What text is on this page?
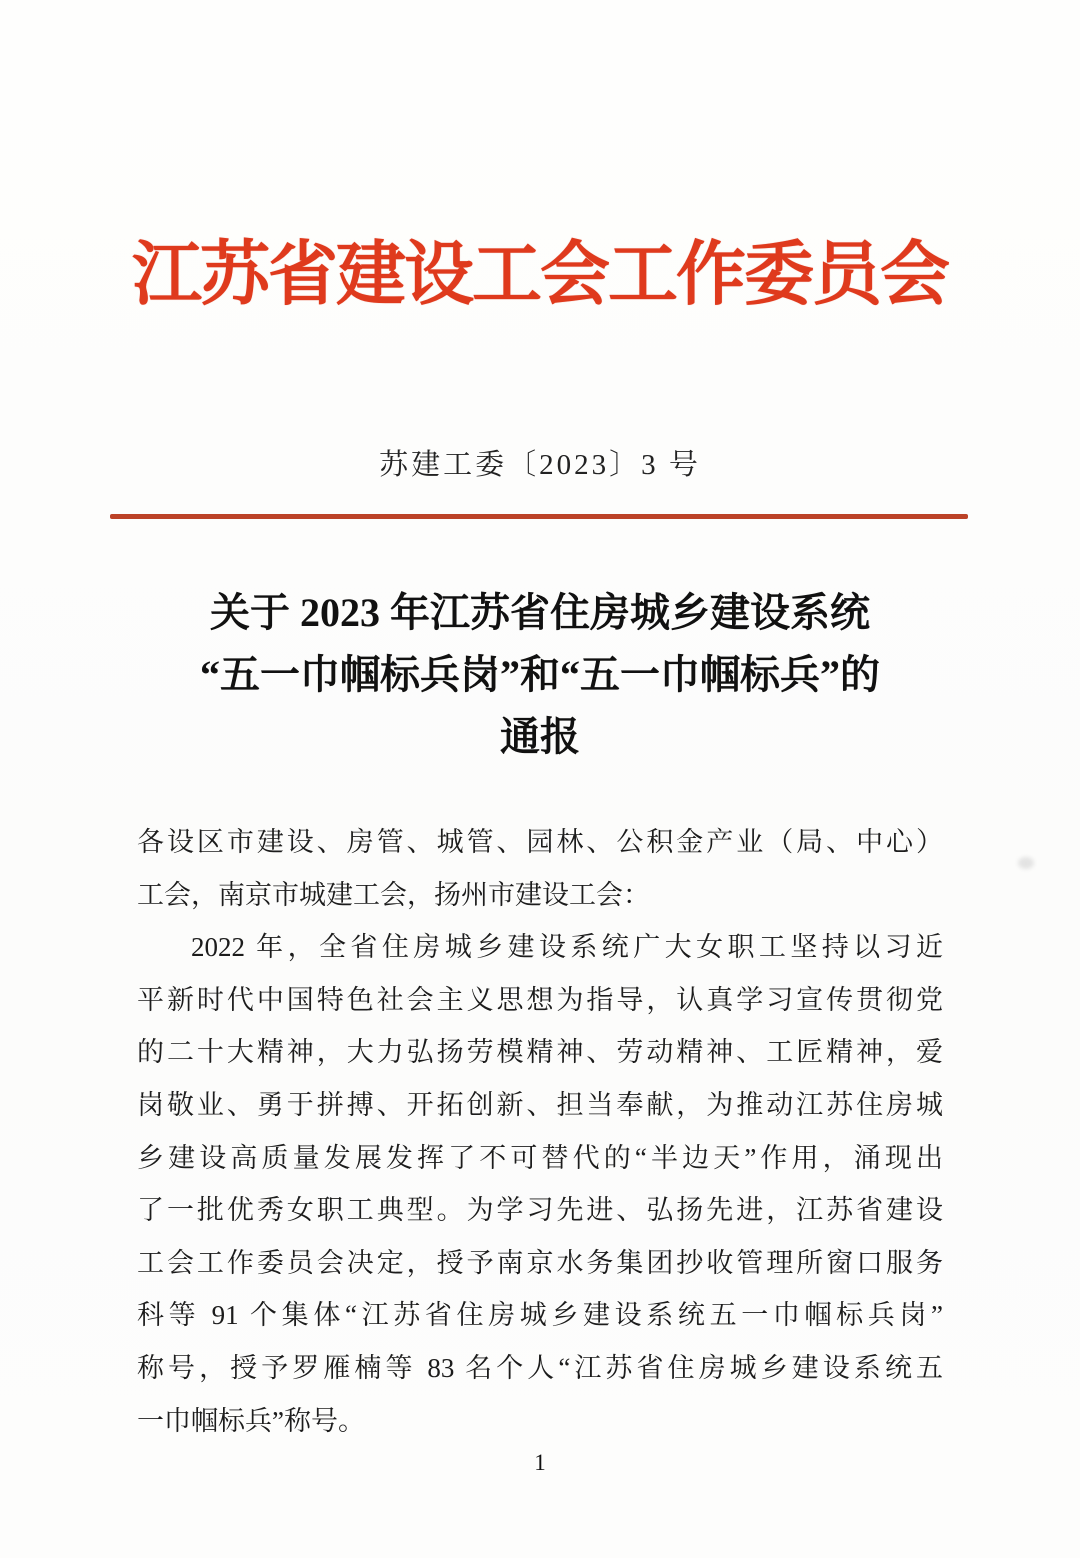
江苏省建设工会工作委员会
苏建工委〔2023〕3 号
关于 2023 年江苏省住房城乡建设系统
“五一巾帼标兵岗”和“五一巾帼标兵”的
通报
各设区市建设、房管、城管、园林、公积金产业（局、中心）
工会，南京市城建工会，扬州市建设工会：
2022 年，全省住房城乡建设系统广大女职工坚持以习近
平新时代中国特色社会主义思想为指导，认真学习宣传贯彻党
的二十大精神，大力弘扬劳模精神、劳动精神、工匠精神，爱
岗敬业、勇于拼搏、开拓创新、担当奉献，为推动江苏住房城
乡建设高质量发展发挥了不可替代的“半边天”作用，涌现出
了一批优秀女职工典型。为学习先进、弘扬先进，江苏省建设
工会工作委员会决定，授予南京水务集团抄收管理所窗口服务
科等 91 个集体“江苏省住房城乡建设系统五一巾帼标兵岗”
称号，授予罗雁楠等 83 名个人“江苏省住房城乡建设系统五
一巾帼标兵”称号。
1
